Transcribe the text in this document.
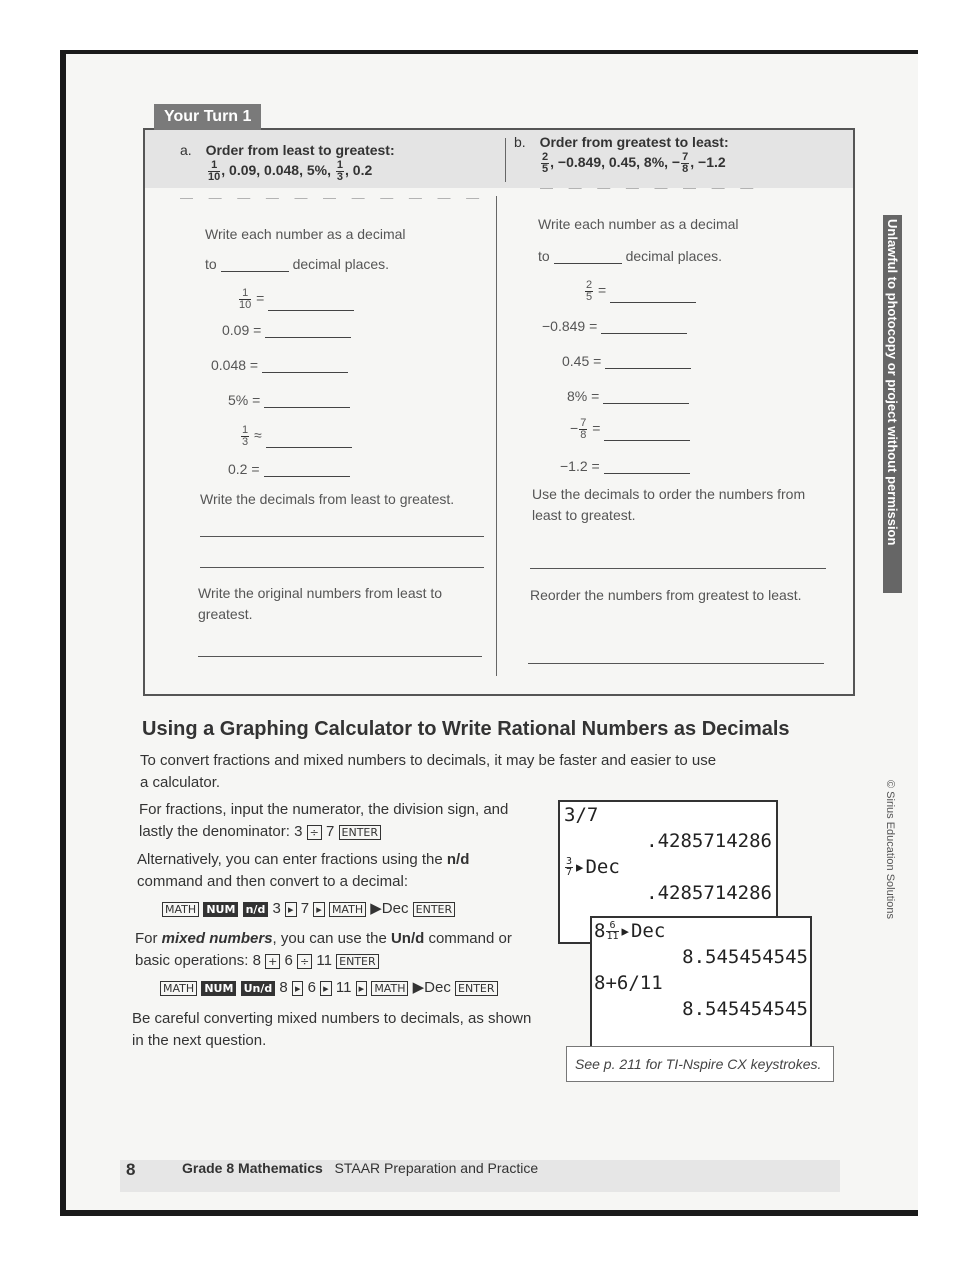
Your Turn 1
a. Order from least to greatest:
$\frac{1}{10}$ , 0.09, 0.048, 5%, $\frac{1}{3}$ , 0.2
— — — — — — — — — — —
b. Order from greatest to least:
$\frac{2}{5}$ , −0.849, 0.45, 8%, − $\frac{7}{8}$ , −1.2
— — — — — — — —
Write each number as a decimal
to	decimal places.
$\frac{1}{10}$ =
0.09 =
0.048 =
5% =
$\frac{1}{3}$ ≈
0.2 =
Write the decimals from least to greatest.
Write the original numbers from least to greatest.
Write each number as a decimal
to	decimal places.
$\frac{2}{5}$ =
−0.849 =
0.45 =
8% =
− $\frac{7}{8}$ =
−1.2 =
Use the decimals to order the numbers from least to greatest.
Reorder the numbers from greatest to least.
Using a Graphing Calculator to Write Rational Numbers as Decimals
To convert fractions and mixed numbers to decimals, it may be faster and easier to use a calculator.
For fractions, input the numerator, the division sign, and lastly the denominator: 3 ÷ 7 ENTER
Alternatively, you can enter fractions using the n/d command and then convert to a decimal:
MATH NUM n/d 3 ▸ 7 ▸ MATH ▶Dec ENTER
For mixed numbers, you can use the Un/d command or basic operations: 8 + 6 ÷ 11 ENTER
MATH NUM Un/d 8 ▸ 6 ▸ 11 ▸ MATH ▶Dec ENTER
Be careful converting mixed numbers to decimals, as shown in the next question.
3/7
.4285714286
$\frac{3}{7}$ ▸Dec
.4285714286
$8 \frac{6}{11}$ ▸Dec
8.545454545
8+6/11
8.545454545
See p. 211 for TI-Nspire CX keystrokes.
Unlawful to photocopy or project without permission
© Sirius Education Solutions
8	Grade 8 Mathematics STAAR Preparation and Practice
